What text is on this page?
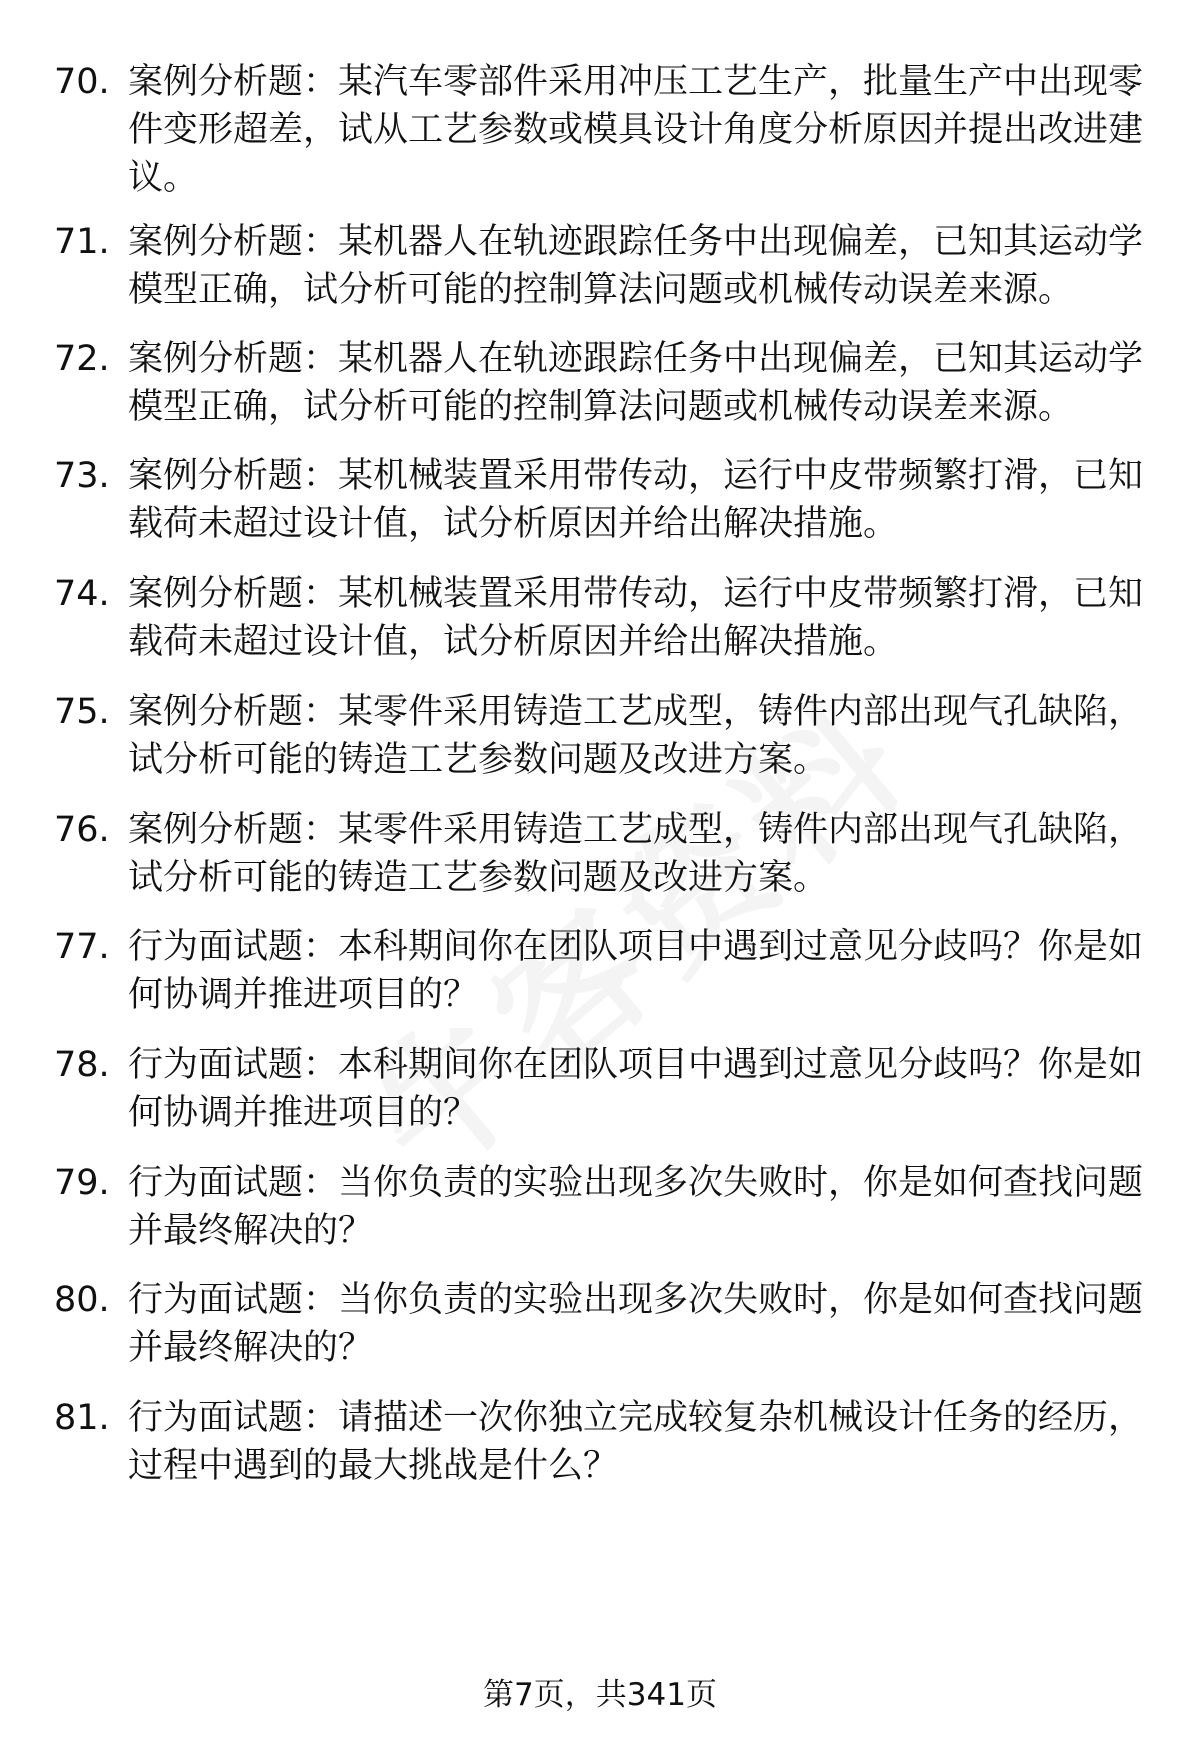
70. 案例分析题：某汽车零部件采用冲压工艺生产，批量生产中出现零件变形超差，试从工艺参数或模具设计角度分析原因并提出改进建议。
71. 案例分析题：某机器人在轨迹跟踪任务中出现偏差，已知其运动学模型正确，试分析可能的控制算法问题或机械传动误差来源。
72. 案例分析题：某机器人在轨迹跟踪任务中出现偏差，已知其运动学模型正确，试分析可能的控制算法问题或机械传动误差来源。
73. 案例分析题：某机械装置采用带传动，运行中皮带频繁打滑，已知载荷未超过设计值，试分析原因并给出解决措施。
74. 案例分析题：某机械装置采用带传动，运行中皮带频繁打滑，已知载荷未超过设计值，试分析原因并给出解决措施。
75. 案例分析题：某零件采用铸造工艺成型，铸件内部出现气孔缺陷，试分析可能的铸造工艺参数问题及改进方案。
76. 案例分析题：某零件采用铸造工艺成型，铸件内部出现气孔缺陷，试分析可能的铸造工艺参数问题及改进方案。
77. 行为面试题：本科期间你在团队项目中遇到过意见分歧吗？你是如何协调并推进项目的？
78. 行为面试题：本科期间你在团队项目中遇到过意见分歧吗？你是如何协调并推进项目的？
79. 行为面试题：当你负责的实验出现多次失败时，你是如何查找问题并最终解决的？
80. 行为面试题：当你负责的实验出现多次失败时，你是如何查找问题并最终解决的？
81. 行为面试题：请描述一次你独立完成较复杂机械设计任务的经历，过程中遇到的最大挑战是什么？
第7页，共341页
